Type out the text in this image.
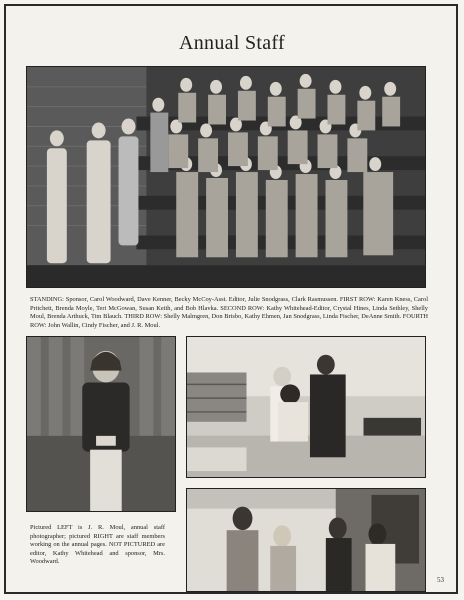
Annual Staff
STANDING: Sponsor, Carol Woodward, Dave Kenner, Becky McCoy-Asst. Editor, Julie Snodgrass, Clark Rasmussen. FIRST ROW: Karen Kness, Carol Pritchett, Brenda Moyle, Teri McGowan, Susan Keith, and Bob Hlavka. SECOND ROW: Kathy Whitehead-Editor, Crystal Hines, Linda Sethley, Shelly Moul, Brenda Arthuck, Tim Blauch. THIRD ROW: Shelly Malmgren, Don Brisbo, Kathy Ehmen, Jan Snodgrass, Linda Fischer, DeAnne Smith. FOURTH ROW: John Wallin, Cindy Fischer, and J. R. Moul.
Pictured LEFT is J. R. Moul, annual staff photographer; pictured RIGHT are staff members working on the annual pages. NOT PICTURED are editor, Kathy Whitehead and sponsor, Mrs. Woodward.
53
